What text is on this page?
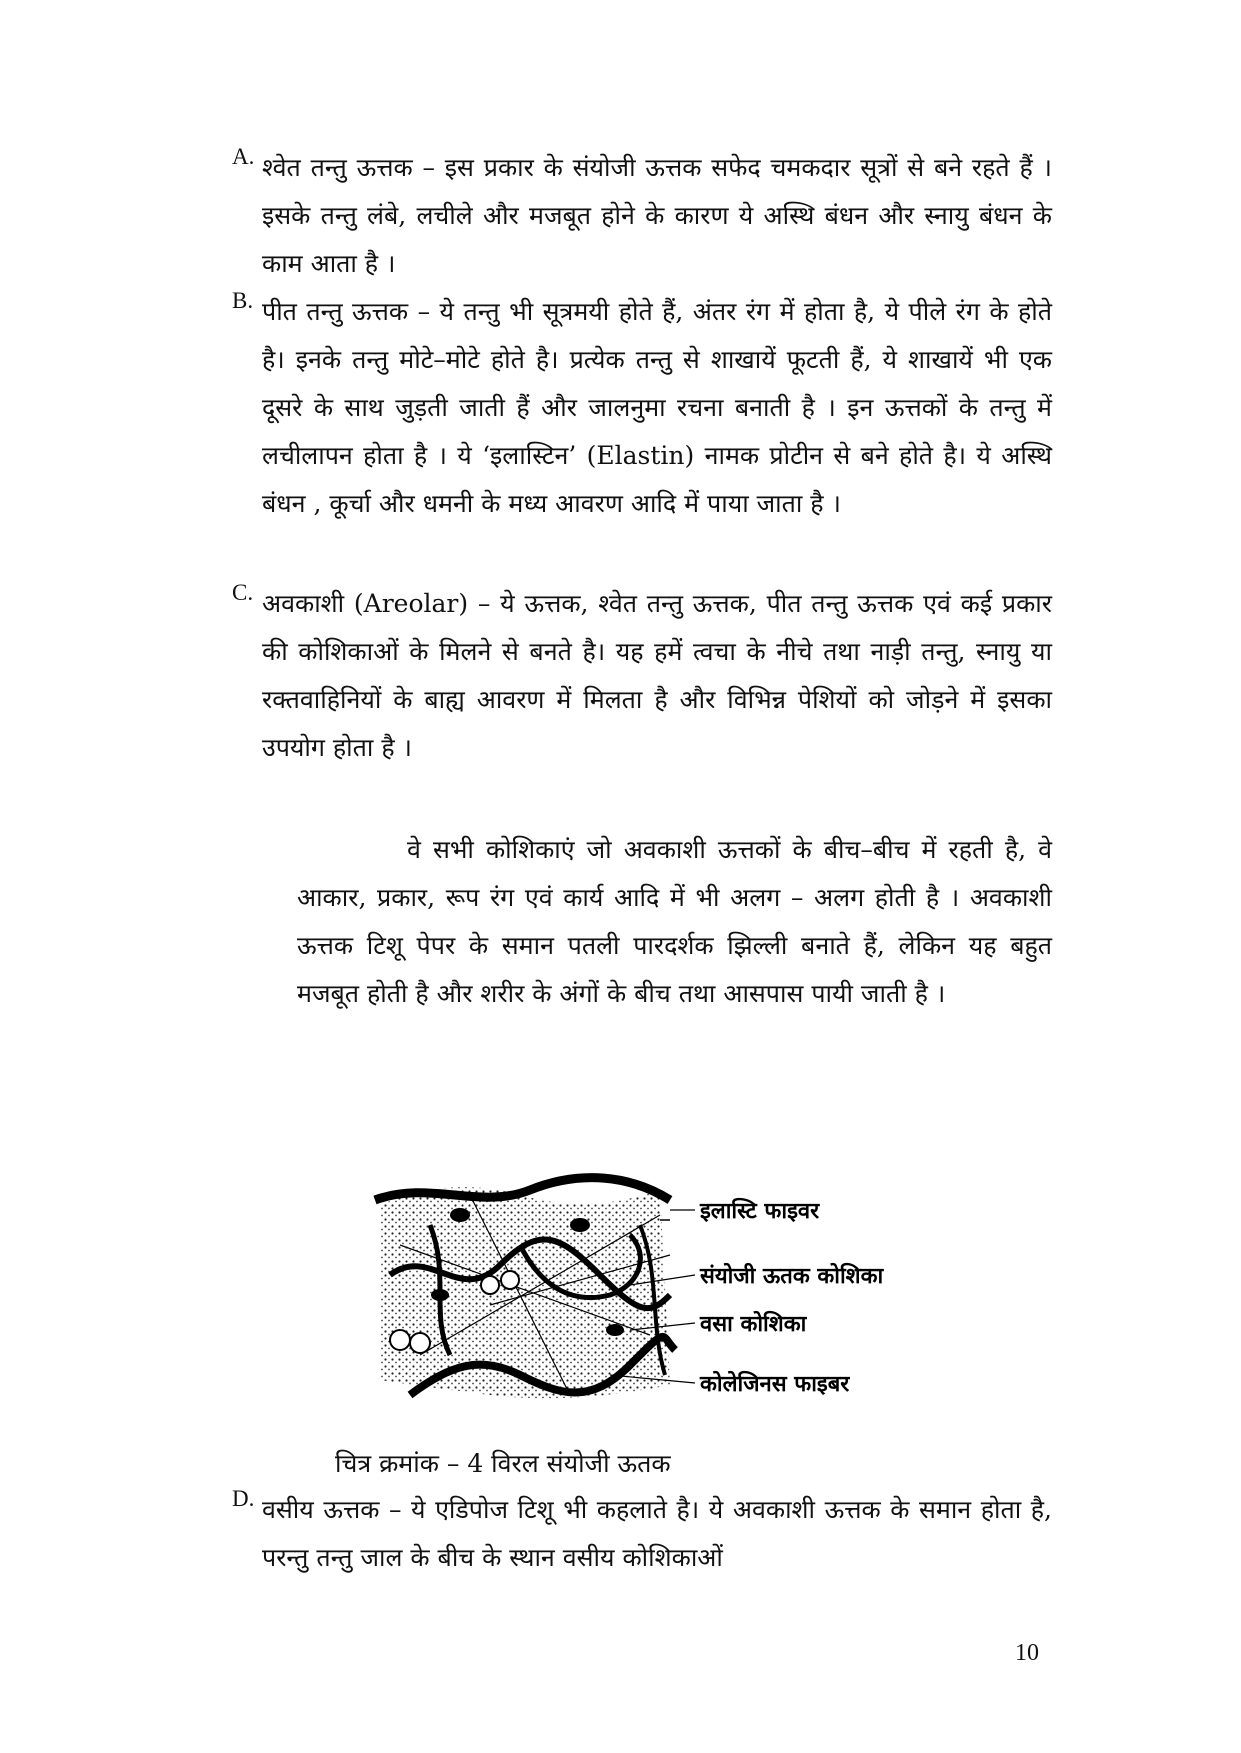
A. श्वेत तन्तु ऊत्तक – इस प्रकार के संयोजी ऊत्तक सफेद चमकदार सूत्रों से बने रहते हैं । इसके तन्तु लंबे, लचीले और मजबूत होने के कारण ये अस्थि बंधन और स्नायु बंधन के काम आता है ।
B. पीत तन्तु ऊत्तक – ये तन्तु भी सूत्रमयी होते हैं, अंतर रंग में होता है, ये पीले रंग के होते है। इनके तन्तु मोटे–मोटे होते है। प्रत्येक तन्तु से शाखायें फूटती हैं, ये शाखायें भी एक दूसरे के साथ जुड़ती जाती हैं और जालनुमा रचना बनाती है । इन ऊत्तकों के तन्तु में लचीलापन होता है । ये ‘इलास्टिन’ (Elastin) नामक प्रोटीन से बने होते है। ये अस्थि बंधन , कूर्चा और धमनी के मध्य आवरण आदि में पाया जाता है ।
C. अवकाशी (Areolar) – ये ऊत्तक, श्वेत तन्तु ऊत्तक, पीत तन्तु ऊत्तक एवं कई प्रकार की कोशिकाओं के मिलने से बनते है। यह हमें त्वचा के नीचे तथा नाड़ी तन्तु, स्नायु या रक्तवाहिनियों के बाह्य आवरण में मिलता है और विभिन्न पेशियों को जोड़ने में इसका उपयोग होता है ।
वे सभी कोशिकाएं जो अवकाशी ऊत्तकों के बीच–बीच में रहती है, वे आकार, प्रकार, रूप रंग एवं कार्य आदि में भी अलग – अलग होती है । अवकाशी ऊत्तक टिशू पेपर के समान पतली पारदर्शक झिल्ली बनाते हैं, लेकिन यह बहुत मजबूत होती है और शरीर के अंगों के बीच तथा आसपास पायी जाती है ।
इलास्टि फाइवर
संयोजी ऊतक कोशिका
वसा कोशिका
कोलेजिनस फाइबर
चित्र क्रमांक – 4 विरल संयोजी ऊतक
D. वसीय ऊत्तक – ये एडिपोज टिशू भी कहलाते है। ये अवकाशी ऊत्तक के समान होता है, परन्तु तन्तु जाल के बीच के स्थान वसीय कोशिकाओं
10
